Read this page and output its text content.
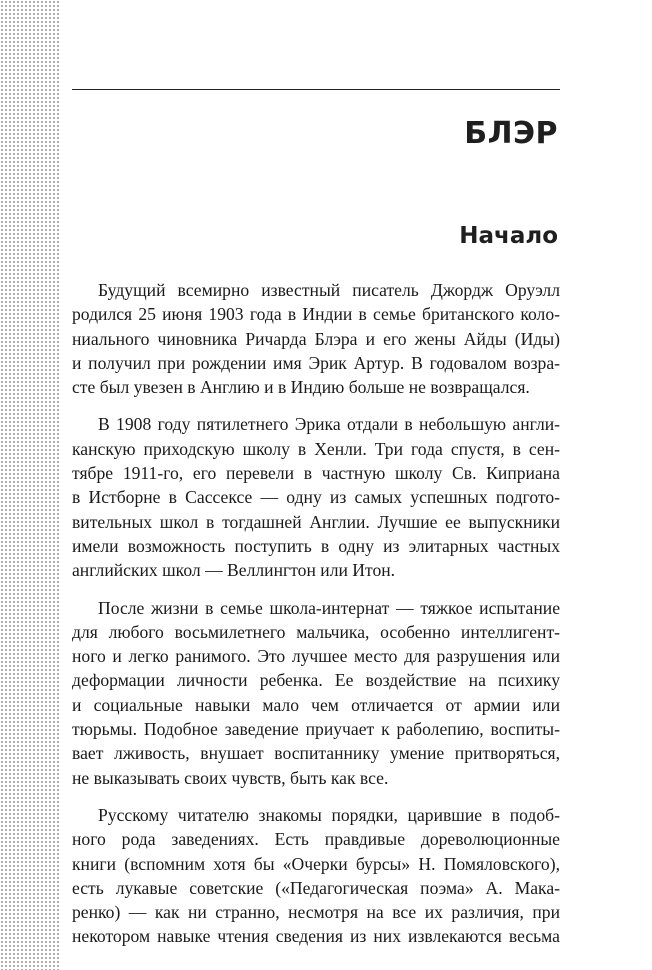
БЛЭР
Начало

Будущий всемирно известный писатель Джордж Оруэлл
родился 25 июня 1903 года в Индии в семье британского коло-
ниального чиновника Ричарда Блэра и его жены Айды (Иды)
и получил при рождении имя Эрик Артур. В годовалом возра-
сте был увезен в Англию и в Индию больше не возвращался.

В 1908 году пятилетнего Эрика отдали в небольшую англи-
канскую приходскую школу в Хенли. Три года спустя, в сен-
тябре 1911-го, его перевели в частную школу Св. Киприана
в Истборне в Сассексе — одну из самых успешных подгото-
вительных школ в тогдашней Англии. Лучшие ее выпускники
имели возможность поступить в одну из элитарных частных
английских школ — Веллингтон или Итон.

После жизни в семье школа-интернат — тяжкое испытание
для любого восьмилетнего мальчика, особенно интеллигент-
ного и легко ранимого. Это лучшее место для разрушения или
деформации личности ребенка. Ее воздействие на психику
и социальные навыки мало чем отличается от армии или
тюрьмы. Подобное заведение приучает к раболепию, воспиты-
вает лживость, внушает воспитаннику умение притворяться,
не выказывать своих чувств, быть как все.

Русскому читателю знакомы порядки, царившие в подоб-
ного рода заведениях. Есть правдивые дореволюционные
книги (вспомним хотя бы «Очерки бурсы» Н. Помяловского),
есть лукавые советские («Педагогическая поэма» А. Мака-
ренко) — как ни странно, несмотря на все их различия, при
некотором навыке чтения сведения из них извлекаются весьма
